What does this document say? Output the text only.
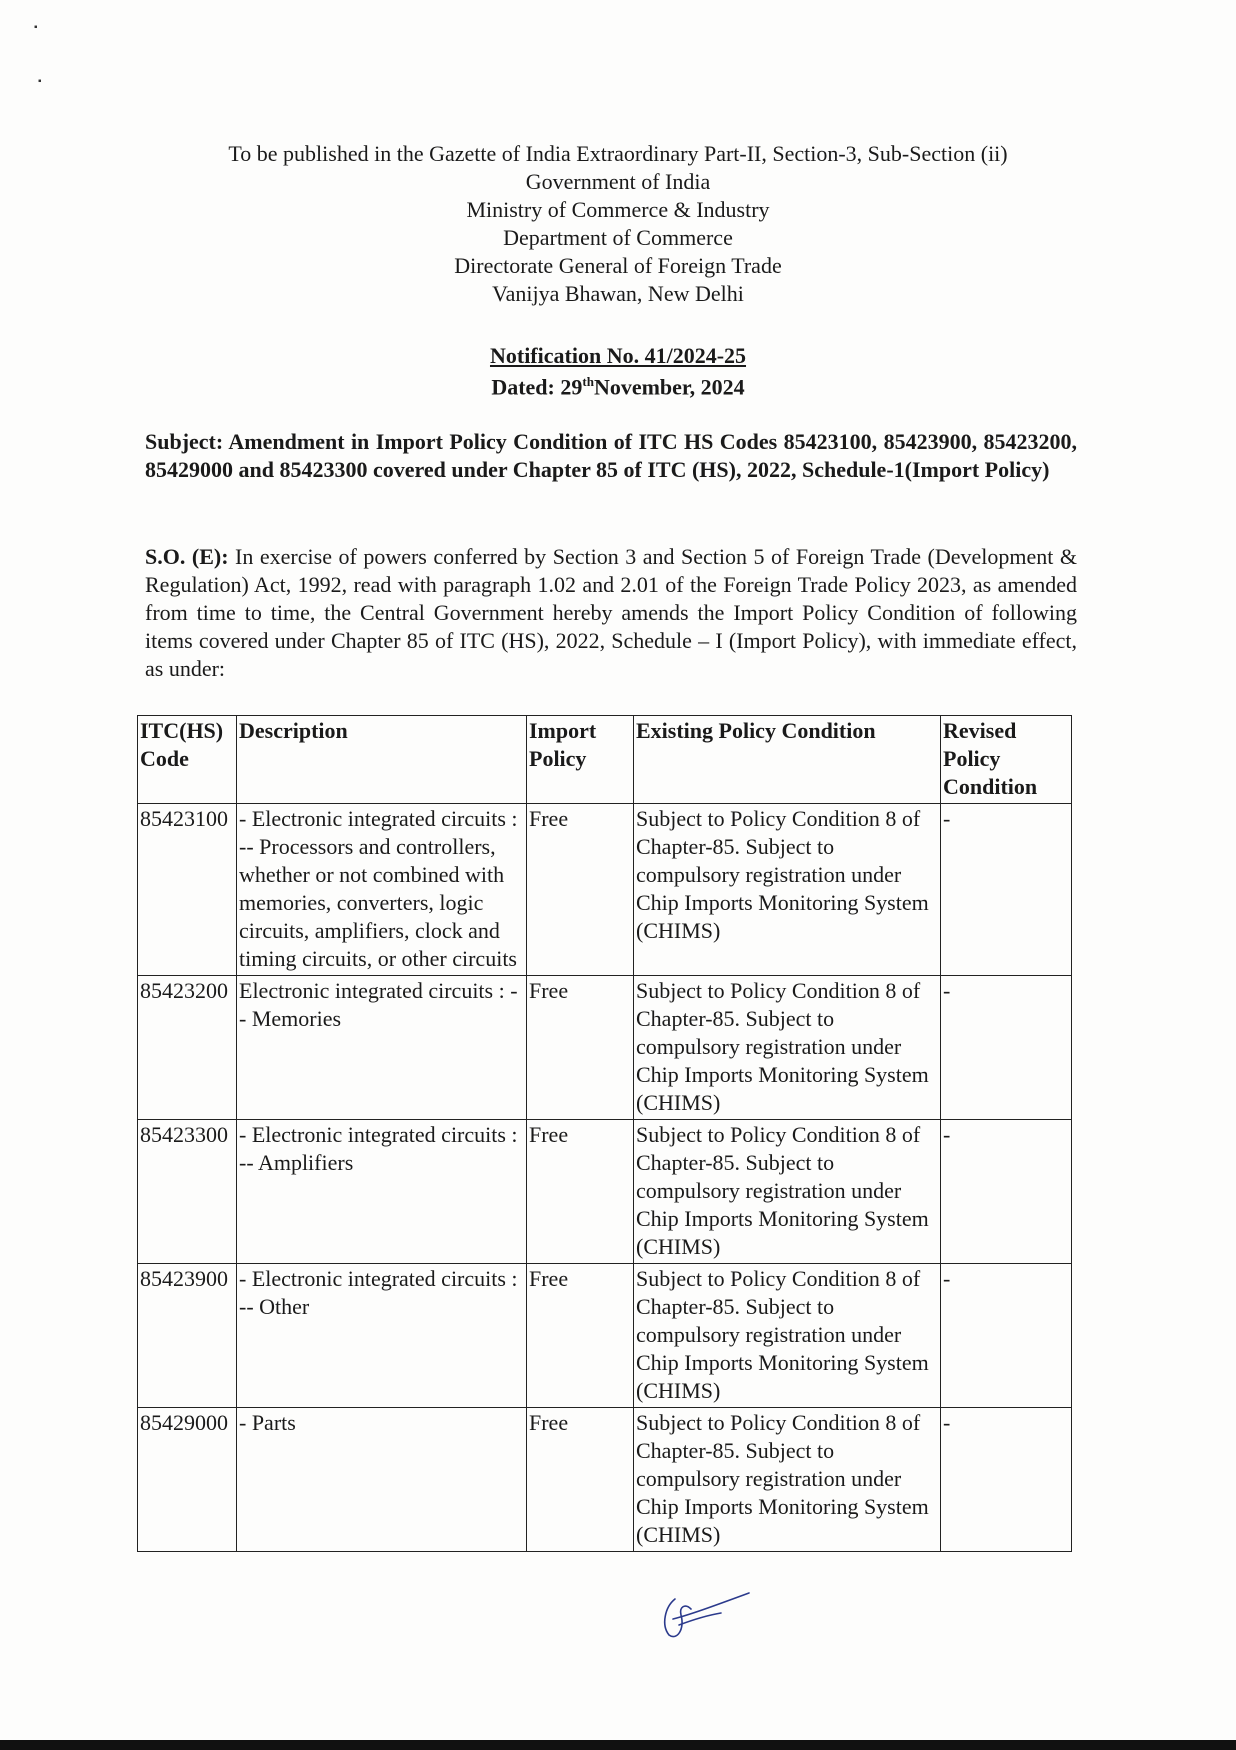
▪
▪
To be published in the Gazette of India Extraordinary Part-II, Section-3, Sub-Section (ii)
Government of India
Ministry of Commerce & Industry
Department of Commerce
Directorate General of Foreign Trade
Vanijya Bhawan, New Delhi
Notification No. 41/2024-25
Dated: 29thNovember, 2024
Subject: Amendment in Import Policy Condition of ITC HS Codes 85423100, 85423900, 85423200, 85429000 and 85423300 covered under Chapter 85 of ITC (HS), 2022, Schedule-1(Import Policy)
S.O. (E): In exercise of powers conferred by Section 3 and Section 5 of Foreign Trade (Development & Regulation) Act, 1992, read with paragraph 1.02 and 2.01 of the Foreign Trade Policy 2023, as amended from time to time, the Central Government hereby amends the Import Policy Condition of following items covered under Chapter 85 of ITC (HS), 2022, Schedule – I (Import Policy), with immediate effect, as under:
ITC(HS) Code	Description	Import Policy	Existing Policy Condition	Revised Policy Condition
85423100	- Electronic integrated circuits : -- Processors and controllers, whether or not combined with memories, converters, logic circuits, amplifiers, clock and timing circuits, or other circuits	Free	Subject to Policy Condition 8 of Chapter-85. Subject to compulsory registration under Chip Imports Monitoring System (CHIMS)	-
85423200	Electronic integrated circuits : -- Memories	Free	Subject to Policy Condition 8 of Chapter-85. Subject to compulsory registration under Chip Imports Monitoring System (CHIMS)	-
85423300	- Electronic integrated circuits : -- Amplifiers	Free	Subject to Policy Condition 8 of Chapter-85. Subject to compulsory registration under Chip Imports Monitoring System (CHIMS)	-
85423900	- Electronic integrated circuits : -- Other	Free	Subject to Policy Condition 8 of Chapter-85. Subject to compulsory registration under Chip Imports Monitoring System (CHIMS)	-
85429000	- Parts	Free	Subject to Policy Condition 8 of Chapter-85. Subject to compulsory registration under Chip Imports Monitoring System (CHIMS)	-
